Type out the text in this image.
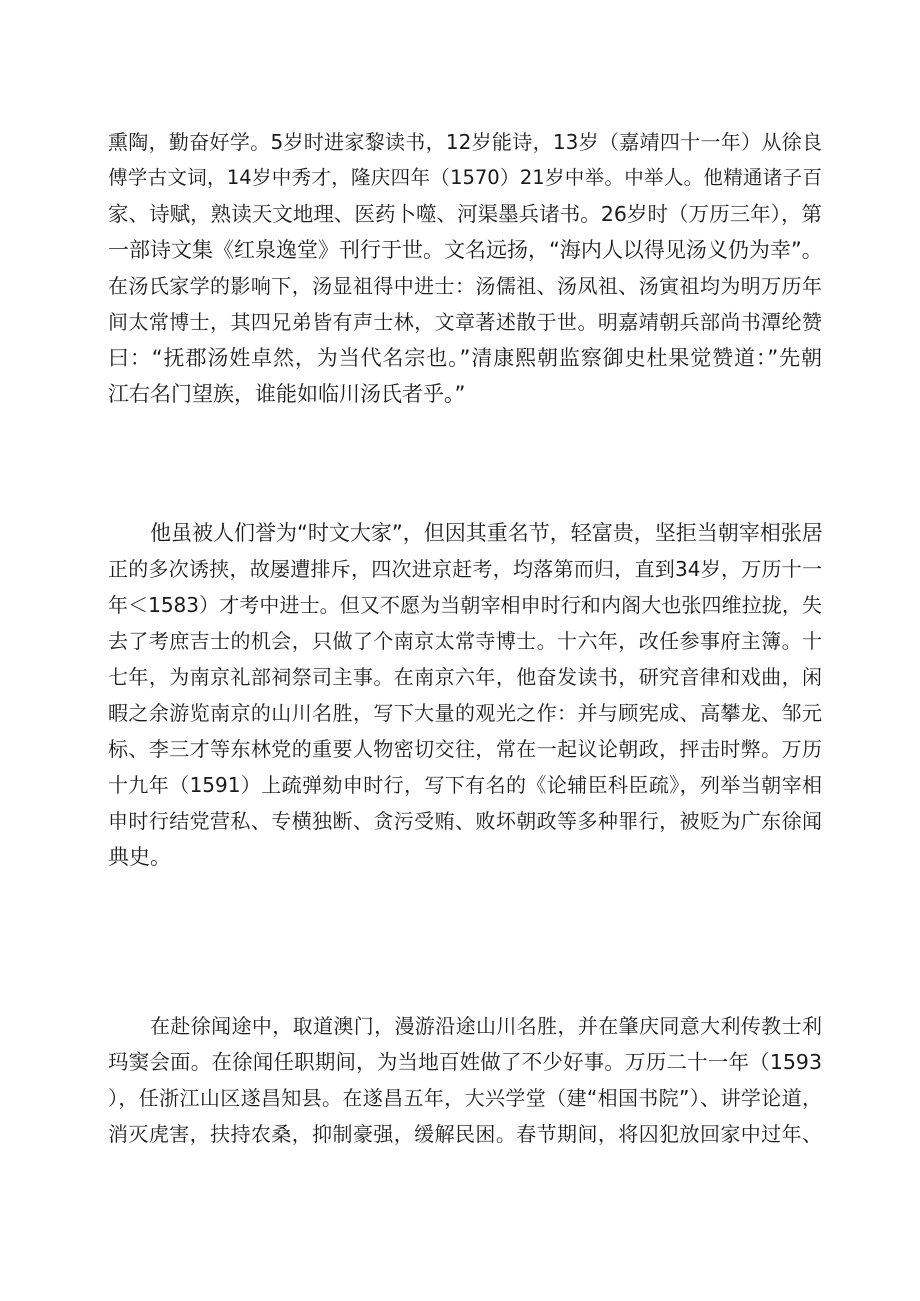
熏陶，勤奋好学。5岁时进家黎读书，12岁能诗，13岁（嘉靖四十一年）从徐良
傅学古文词，14岁中秀才，隆庆四年（1570）21岁中举。中举人。他精通诸子百
家、诗赋，熟读天文地理、医药卜噬、河渠墨兵诸书。26岁时（万历三年），第
一部诗文集《红泉逸堂》刊行于世。文名远扬，“海内人以得见汤义仍为幸”。
在汤氏家学的影响下，汤显祖得中进士：汤儒祖、汤凤祖、汤寅祖均为明万历年
间太常博士，其四兄弟皆有声士林，文章著述散于世。明嘉靖朝兵部尚书潭纶赞
曰：“抚郡汤姓卓然，为当代名宗也。”清康熙朝监察御史杜果觉赞道：”先朝
江右名门望族，谁能如临川汤氏者乎。”
他虽被人们誉为“时文大家”，但因其重名节，轻富贵，坚拒当朝宰相张居
正的多次诱挟，故屡遭排斥，四次进京赶考，均落第而归，直到34岁，万历十一
年＜1583）才考中进士。但又不愿为当朝宰相申时行和内阁大也张四维拉拢，失
去了考庶吉士的机会，只做了个南京太常寺博士。十六年，改任参事府主簿。十
七年，为南京礼部祠祭司主事。在南京六年，他奋发读书，研究音律和戏曲，闲
暇之余游览南京的山川名胜，写下大量的观光之作：并与顾宪成、高攀龙、邹元
标、李三才等东林党的重要人物密切交往，常在一起议论朝政，抨击时弊。万历
十九年（1591）上疏弹劾申时行，写下有名的《论辅臣科臣疏》，列举当朝宰相
申时行结党营私、专横独断、贪污受贿、败坏朝政等多种罪行，被贬为广东徐闻
典史。
在赴徐闻途中，取道澳门，漫游沿途山川名胜，并在肇庆同意大利传教士利
玛窦会面。在徐闻任职期间，为当地百姓做了不少好事。万历二十一年（1593
），任浙江山区遂昌知县。在遂昌五年，大兴学堂（建“相国书院”）、讲学论道，
消灭虎害，扶持农桑，抑制豪强，缓解民困。春节期间，将囚犯放回家中过年、
